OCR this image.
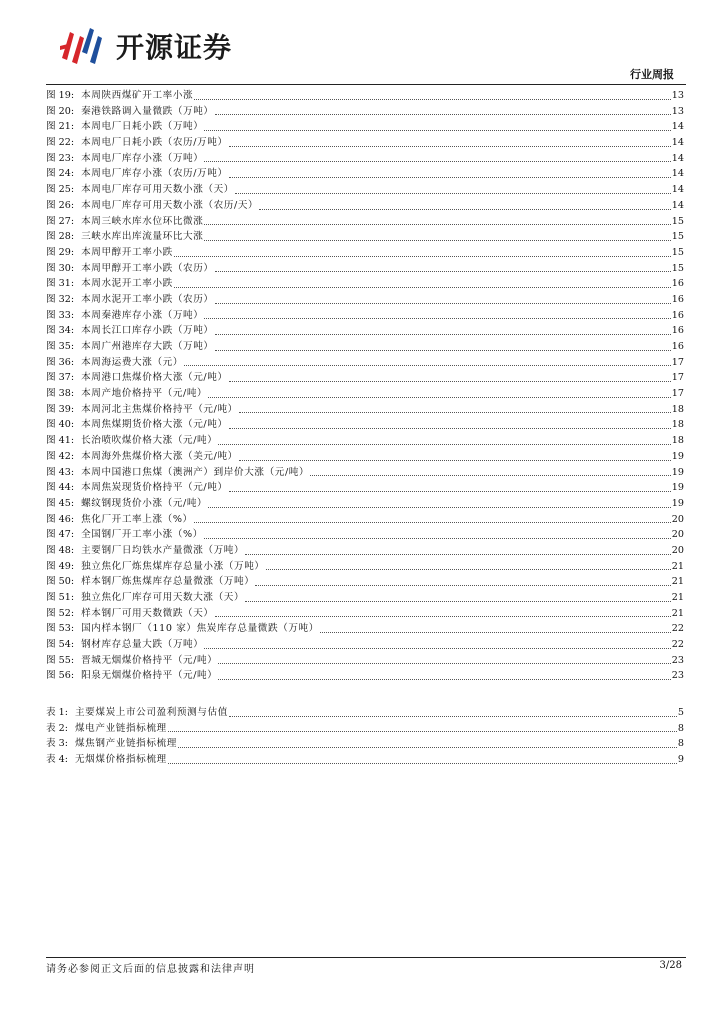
开源证券
行业周报
图 19: 本周陕西煤矿开工率小涨	13
图 20: 秦港铁路调入量微跌（万吨）	13
图 21: 本周电厂日耗小跌（万吨）	14
图 22: 本周电厂日耗小跌（农历/万吨）	14
图 23: 本周电厂库存小涨（万吨）	14
图 24: 本周电厂库存小涨（农历/万吨）	14
图 25: 本周电厂库存可用天数小涨（天）	14
图 26: 本周电厂库存可用天数小涨（农历/天）	14
图 27: 本周三峡水库水位环比微涨	15
图 28: 三峡水库出库流量环比大涨	15
图 29: 本周甲醇开工率小跌	15
图 30: 本周甲醇开工率小跌（农历）	15
图 31: 本周水泥开工率小跌	16
图 32: 本周水泥开工率小跌（农历）	16
图 33: 本周秦港库存小涨（万吨）	16
图 34: 本周长江口库存小跌（万吨）	16
图 35: 本周广州港库存大跌（万吨）	16
图 36: 本周海运费大涨（元）	17
图 37: 本周港口焦煤价格大涨（元/吨）	17
图 38: 本周产地价格持平（元/吨）	17
图 39: 本周河北主焦煤价格持平（元/吨）	18
图 40: 本周焦煤期货价格大涨（元/吨）	18
图 41: 长治喷吹煤价格大涨（元/吨）	18
图 42: 本周海外焦煤价格大涨（美元/吨）	19
图 43: 本周中国港口焦煤（澳洲产）到岸价大涨（元/吨）	19
图 44: 本周焦炭现货价格持平（元/吨）	19
图 45: 螺纹钢现货价小涨（元/吨）	19
图 46: 焦化厂开工率上涨（%）	20
图 47: 全国钢厂开工率小涨（%）	20
图 48: 主要钢厂日均铁水产量微涨（万吨）	20
图 49: 独立焦化厂炼焦煤库存总量小涨（万吨）	21
图 50: 样本钢厂炼焦煤库存总量微涨（万吨）	21
图 51: 独立焦化厂库存可用天数大涨（天）	21
图 52: 样本钢厂可用天数微跌（天）	21
图 53: 国内样本钢厂（110 家）焦炭库存总量微跌（万吨）	22
图 54: 钢材库存总量大跌（万吨）	22
图 55: 晋城无烟煤价格持平（元/吨）	23
图 56: 阳泉无烟煤价格持平（元/吨）	23
表 1: 主要煤炭上市公司盈利预测与估值	5
表 2: 煤电产业链指标梳理	8
表 3: 煤焦钢产业链指标梳理	8
表 4: 无烟煤价格指标梳理	9
请务必参阅正文后面的信息披露和法律声明	3/28
